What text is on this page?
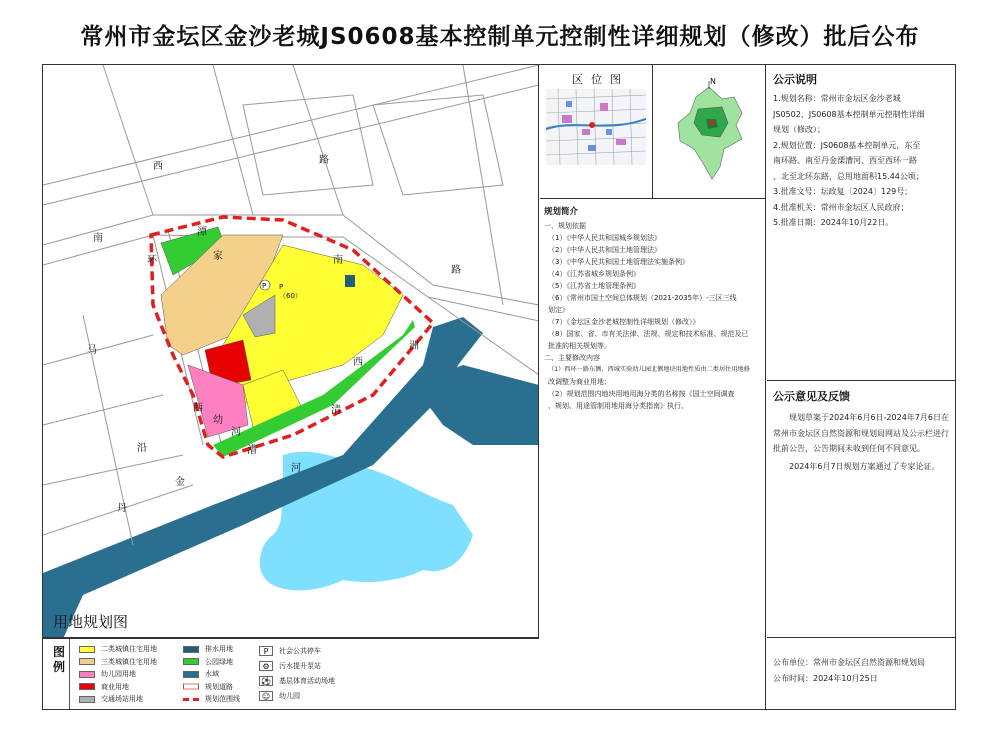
常州市金坛区金沙老城JS0608基本控制单元控制性详细规划（修改）批后公布
P
西
路
南
环
路
马
沿
金
丹
南
潭
家
西
洲
西	清
幼
河
漕
河
P（60）
用地规划图
图例
二类城镇住宅用地
三类城镇住宅用地
幼儿园用地
商业用地
交通场站用地
排水用地
公园绿地
水域
规划道路
规划范围线
P	社会公共停车
⚙	污水提升泵站
⚽ 基层体育活动场地
☺	幼儿园
区位图	N
规划简介
一、规划依据
（1）《中华人民共和国城乡规划法》
（2）《中华人民共和国土地管理法》
（3）《中华人民共和国土地管理法实施条例》
（4）《江苏省城乡规划条例》
（5）《江苏省土地管理条例》
（6）《常州市国土空间总体规划（2021-2035年）-三区三线
划定》
（7）《金坛区金沙老城控制性详细规划（修改）》
（8）国家、省、市有关法律、法规、规定和技术标准、规范及已
批准的相关规划等。
二、主要修改内容
（1）西环一路东侧、西城实验幼儿园北侧地块用地性质由二类居住用地修
改调整为商业用地；
（2）规划范围内地块用地用海分类的名称按《国土空间调查
、规划、用途管制用地用海分类指南》执行。
公示说明
1.规划名称：常州市金坛区金沙老城
JS0502、JS0608基本控制单元控制性详细
规划（修改）；
2.规划位置：JS0608基本控制单元，东至
南环路、南至丹金溧漕河、西至西环一路
、北至北环东路，总用地面积15.44公顷；
3.批准文号：坛政复〔2024〕129号；
4.批准机关：常州市金坛区人民政府；
5.批准日期：2024年10月22日。
公示意见及反馈
规划草案于2024年6月6日-2024年7月6日在常州市金坛区自然资源和规划局网站及公示栏进行批前公告，公告期间未收到任何不同意见。
2024年6月7日规划方案通过了专家论证。
公布单位：常州市金坛区自然资源和规划局
公布时间：2024年10月25日
